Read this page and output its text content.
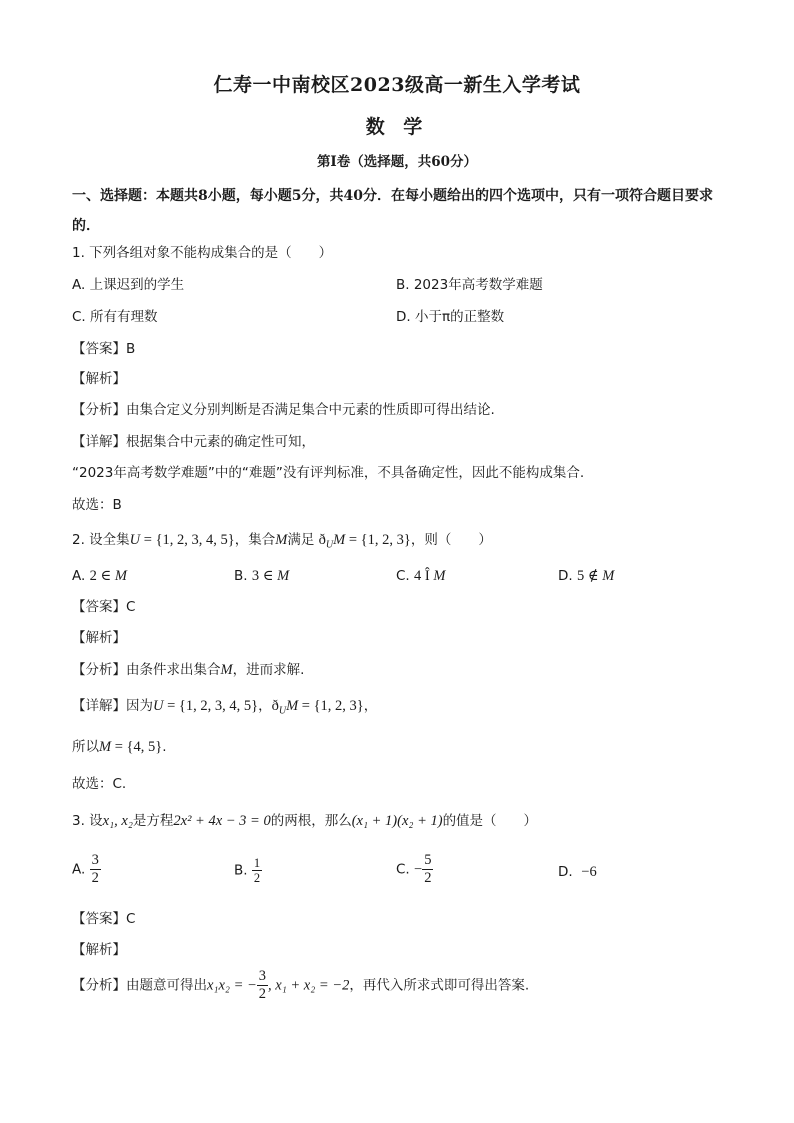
仁寿一中南校区2023级高一新生入学考试
数 学
第Ⅰ卷（选择题，共60分）
一、选择题：本题共8小题，每小题5分，共40分．在每小题给出的四个选项中，只有一项符合题目要求的．
1. 下列各组对象不能构成集合的是（　　）
A. 上课迟到的学生	B. 2023年高考数学难题
C. 所有有理数	D. 小于π的正整数
【答案】B
【解析】
【分析】由集合定义分别判断是否满足集合中元素的性质即可得出结论.
【详解】根据集合中元素的确定性可知，
“2023年高考数学难题”中的“难题”没有评判标准，不具备确定性，因此不能构成集合.
故选：B
2. 设全集U = {1, 2, 3, 4, 5}，集合M满足 $ð_UM = \{1$, 2, 3}，则（　　）
A. 2 ∈ M	B. 3 ∈ M	C. 4 Î M	D. 5 ∉ M
【答案】C
【解析】
【分析】由条件求出集合M，进而求解.
【详解】因为U = {1, 2, 3, 4, 5}，$ð_UM = \{1$, 2, 3}，
所以M = {4, 5}.
故选：C.
3. 设x₁, x₂是方程2x² + 4x − 3 = 0的两根，那么(x₁ + 1)(x₂ + 1)的值是（　　）
A. $\frac{3}{2}$	B. $\frac{1}{2}$	C. − $\frac{5}{2}$	D. −6
【答案】C
【解析】
【分析】由题意可得出x₁x₂ = − $\frac{3}{2}$ , x₁ + x₂ = −2，再代入所求式即可得出答案.
